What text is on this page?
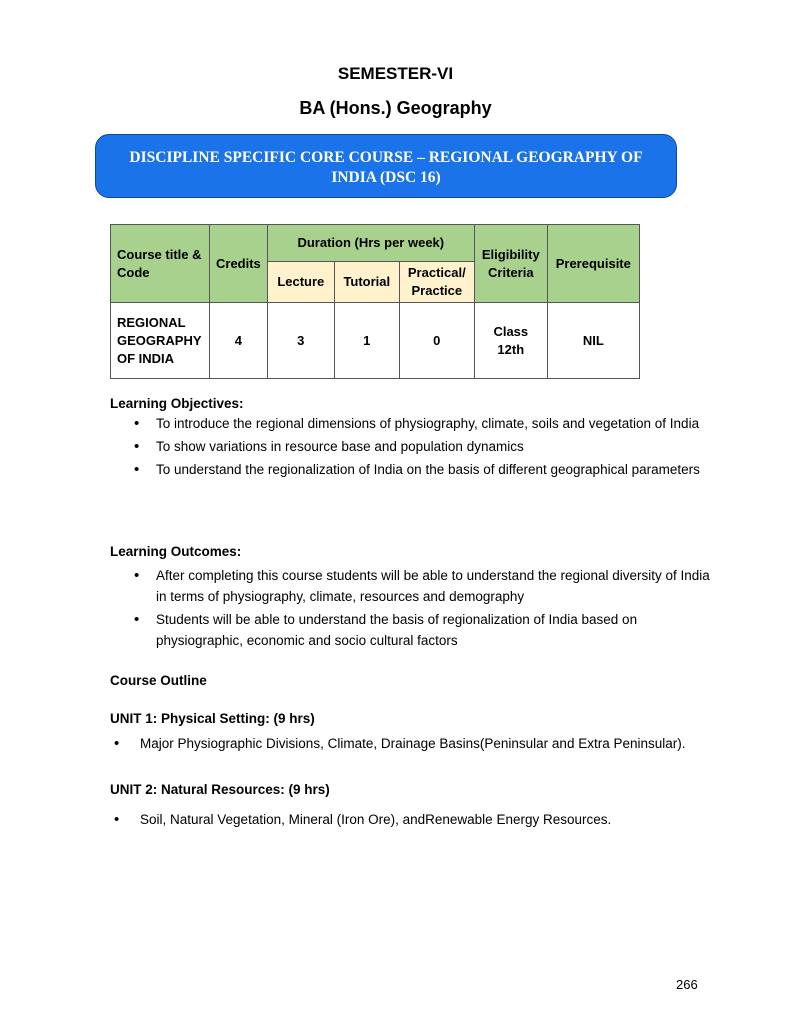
SEMESTER-VI
BA (Hons.) Geography
DISCIPLINE SPECIFIC CORE COURSE – REGIONAL GEOGRAPHY OF INDIA (DSC 16)
Course title & Code	Credits	Duration (Hrs per week)			Eligibility Criteria	Prerequisite
		Lecture	Tutorial	Practical/ Practice		
REGIONAL GEOGRAPHY OF INDIA	4	3	1	0	Class 12th	NIL

Learning Objectives:

• To introduce the regional dimensions of physiography, climate, soils and vegetation of India
• To show variations in resource base and population dynamics
• To understand the regionalization of India on the basis of different geographical parameters

Learning Outcomes:

• After completing this course students will be able to understand the regional diversity of India in terms of physiography, climate, resources and demography
• Students will be able to understand the basis of regionalization of India based on physiographic, economic and socio cultural factors

Course Outline

UNIT 1: Physical Setting: (9 hrs)

• Major Physiographic Divisions, Climate, Drainage Basins(Peninsular and Extra Peninsular).

UNIT 2: Natural Resources: (9 hrs)

• Soil, Natural Vegetation, Mineral (Iron Ore), andRenewable Energy Resources.
266
